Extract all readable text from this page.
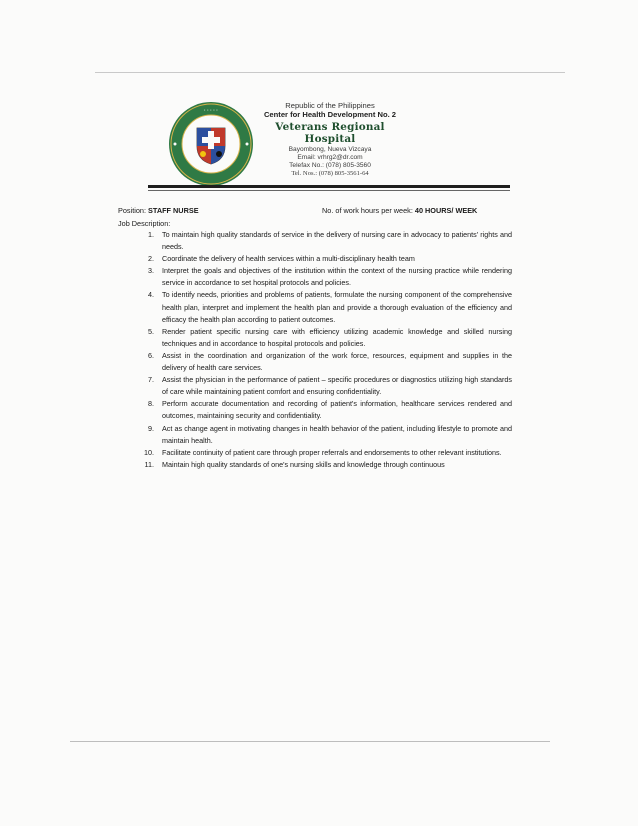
· · · · ·
Republic of the Philippines
Center for Health Development No. 2
Veterans Regional Hospital
Bayombong, Nueva Vizcaya
Email: vrhrg2@dr.com
Telefax No.: (078) 805-3560
Tel. Nos.: (078) 805-3561-64
Position: STAFF NURSE	No. of work hours per week: 40 HOURS/ WEEK
Job Description:
1.	To maintain high quality standards of service in the delivery of nursing care in advocacy to patients' rights and needs.
2.	Coordinate the delivery of health services within a multi-disciplinary health team
3.	Interpret the goals and objectives of the institution within the context of the nursing practice while rendering service in accordance to set hospital protocols and policies.
4.	To identify needs, priorities and problems of patients, formulate the nursing component of the comprehensive health plan, interpret and implement the health plan and provide a thorough evaluation of the efficiency and efficacy the health plan according to patient outcomes.
5.	Render patient specific nursing care with efficiency utilizing academic knowledge and skilled nursing techniques and in accordance to hospital protocols and policies.
6.	Assist in the coordination and organization of the work force, resources, equipment and supplies in the delivery of health care services.
7.	Assist the physician in the performance of patient – specific procedures or diagnostics utilizing high standards of care while maintaining patient comfort and ensuring confidentiality.
8.	Perform accurate documentation and recording of patient's information, healthcare services rendered and outcomes, maintaining security and confidentiality.
9.	Act as change agent in motivating changes in health behavior of the patient, including lifestyle to promote and maintain health.
10.	Facilitate continuity of patient care through proper referrals and endorsements to other relevant institutions.
11.	Maintain high quality standards of one's nursing skills and knowledge through continuous
